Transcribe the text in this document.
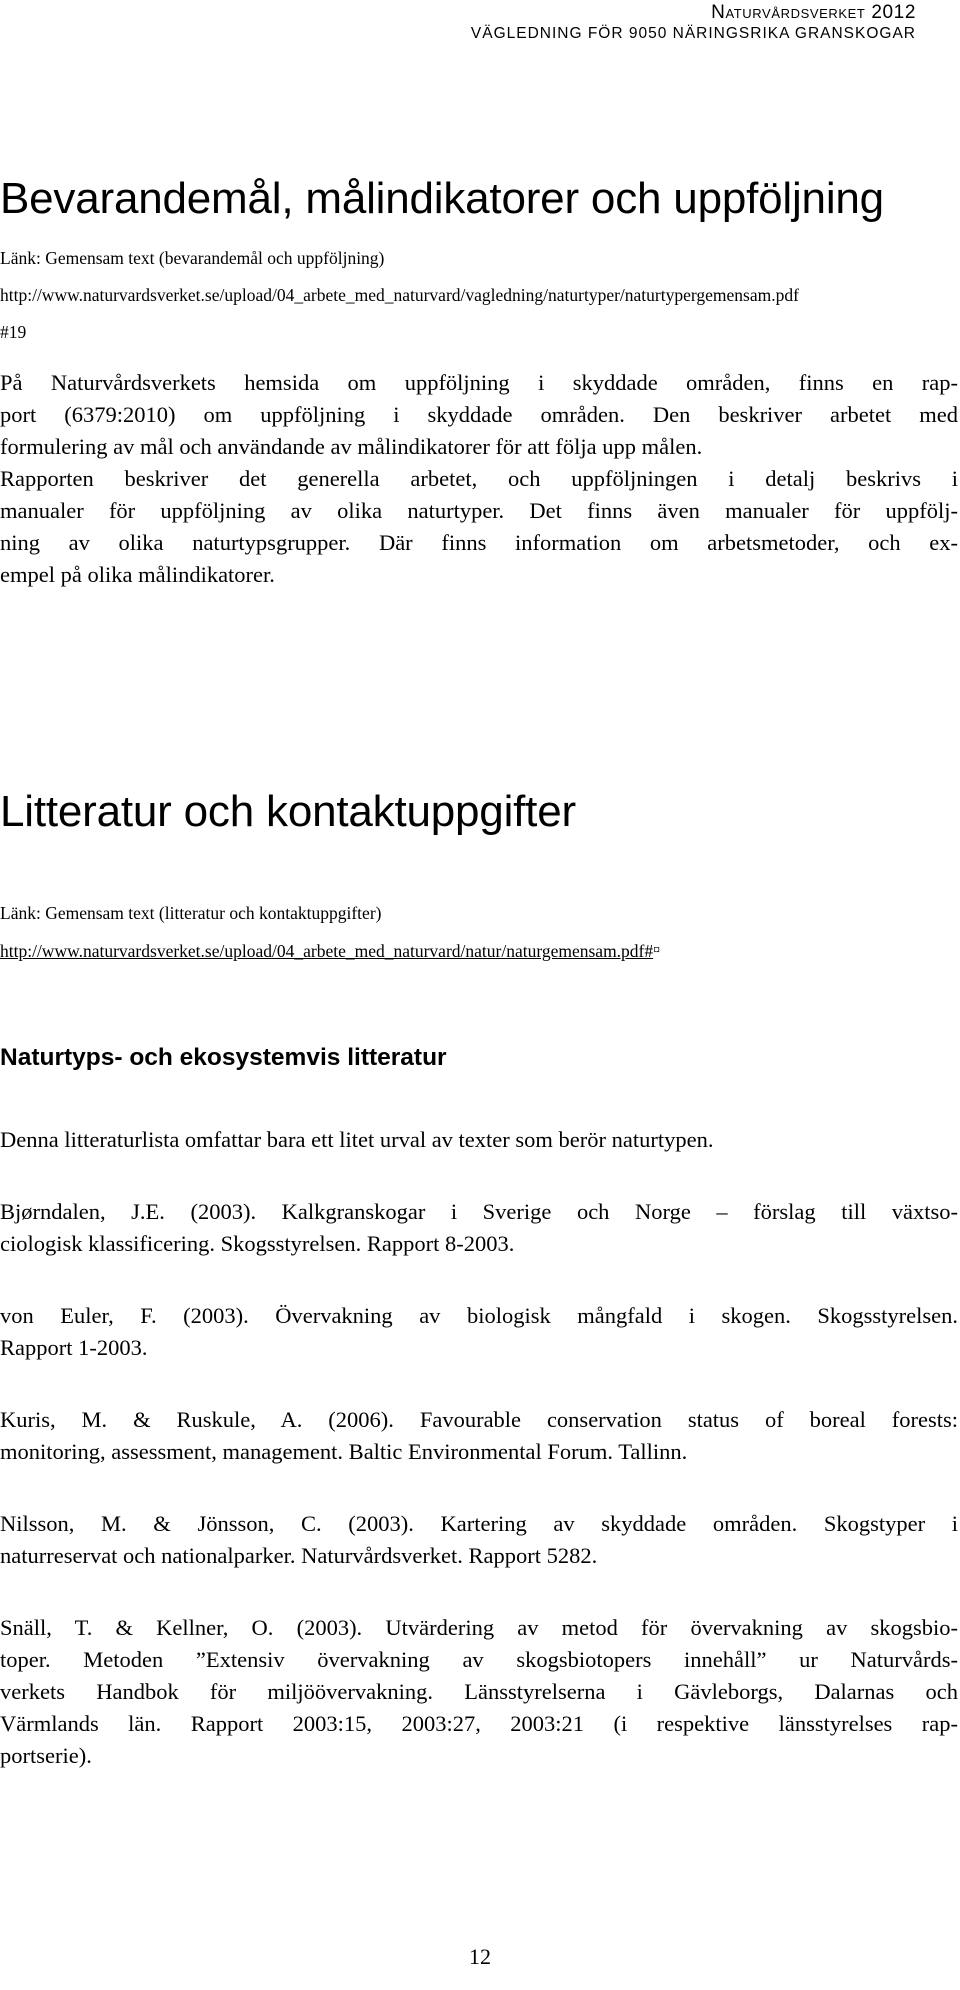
Naturvårdsverket 2012
VÄGLEDNING FÖR 9050 NÄRINGSRIKA GRANSKOGAR
Bevarandemål, målindikatorer och uppföljning
Länk: Gemensam text (bevarandemål och uppföljning)
http://www.naturvardsverket.se/upload/04_arbete_med_naturvard/vagledning/naturtyper/naturtypergemensam.pdf
#19
På Naturvårdsverkets hemsida om uppföljning i skyddade områden, finns en rap-
port (6379:2010) om uppföljning i skyddade områden. Den beskriver arbetet med
formulering av mål och användande av målindikatorer för att följa upp målen.
Rapporten beskriver det generella arbetet, och uppföljningen i detalj beskrivs i
manualer för uppföljning av olika naturtyper. Det finns även manualer för uppfölj-
ning av olika naturtypsgrupper. Där finns information om arbetsmetoder, och ex-
empel på olika målindikatorer.
Litteratur och kontaktuppgifter
Länk: Gemensam text (litteratur och kontaktuppgifter)
http://www.naturvardsverket.se/upload/04_arbete_med_naturvard/natur/naturgemensam.pdf#¤
Naturtyps- och ekosystemvis litteratur
Denna litteraturlista omfattar bara ett litet urval av texter som berör naturtypen.
Bjørndalen, J.E. (2003). Kalkgranskogar i Sverige och Norge – förslag till växtso-
ciologisk klassificering. Skogsstyrelsen. Rapport 8-2003.
von Euler, F. (2003). Övervakning av biologisk mångfald i skogen. Skogsstyrelsen.
Rapport 1-2003.
Kuris, M. & Ruskule, A. (2006). Favourable conservation status of boreal forests:
monitoring, assessment, management. Baltic Environmental Forum. Tallinn.
Nilsson, M. & Jönsson, C. (2003). Kartering av skyddade områden. Skogstyper i
naturreservat och nationalparker. Naturvårdsverket. Rapport 5282.
Snäll, T. & Kellner, O. (2003). Utvärdering av metod för övervakning av skogsbio-
toper. Metoden ”Extensiv övervakning av skogsbiotopers innehåll” ur Naturvårds-
verkets Handbok för miljöövervakning. Länsstyrelserna i Gävleborgs, Dalarnas och
Värmlands län. Rapport 2003:15, 2003:27, 2003:21 (i respektive länsstyrelses rap-
portserie).
12
